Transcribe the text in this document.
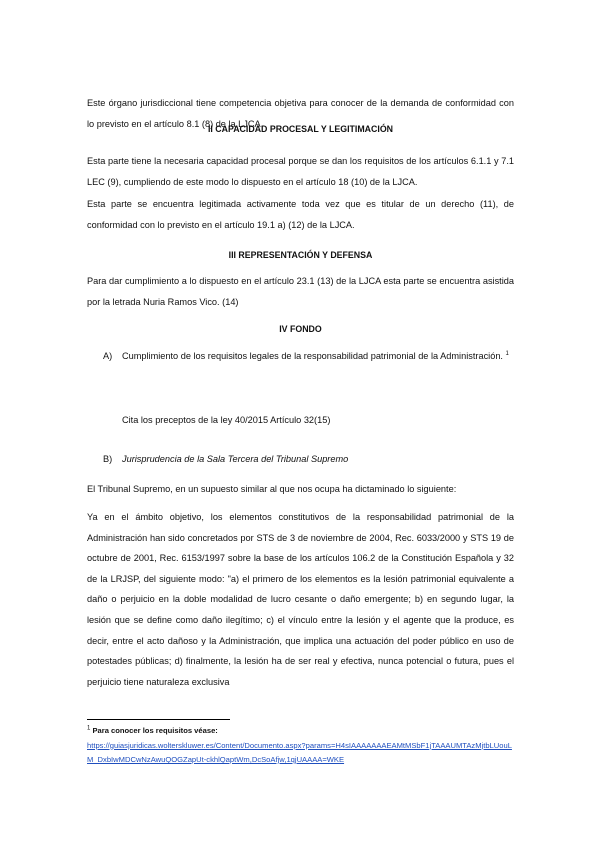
Este órgano jurisdiccional tiene competencia objetiva para conocer de la demanda de conformidad con lo previsto en el artículo 8.1 (8) de la LJCA.

II CAPACIDAD PROCESAL Y LEGITIMACIÓN

Esta parte tiene la necesaria capacidad procesal porque se dan los requisitos de los artículos 6.1.1 y 7.1 LEC (9), cumpliendo de este modo lo dispuesto en el artículo 18 (10) de la LJCA.

Esta parte se encuentra legitimada activamente toda vez que es titular de un derecho (11), de conformidad con lo previsto en el artículo 19.1 a) (12) de la LJCA.

III REPRESENTACIÓN Y DEFENSA

Para dar cumplimiento a lo dispuesto en el artículo 23.1 (13) de la LJCA esta parte se encuentra asistida por la letrada Nuria Ramos Vico. (14)

IV FONDO

A)	Cumplimiento de los requisitos legales de la responsabilidad patrimonial de la Administración. $^1$

Cita los preceptos de la ley 40/2015 Artículo 32(15)

B)	Jurisprudencia de la Sala Tercera del Tribunal Supremo

El Tribunal Supremo, en un supuesto similar al que nos ocupa ha dictaminado lo siguiente:

Ya en el ámbito objetivo, los elementos constitutivos de la responsabilidad patrimonial de la Administración han sido concretados por STS de 3 de noviembre de 2004, Rec. 6033/2000 y STS 19 de octubre de 2001, Rec. 6153/1997 sobre la base de los artículos 106.2 de la Constitución Española y 32 de la LRJSP, del siguiente modo: "a) el primero de los elementos es la lesión patrimonial equivalente a daño o perjuicio en la doble modalidad de lucro cesante o daño emergente; b) en segundo lugar, la lesión que se define como daño ilegítimo; c) el vínculo entre la lesión y el agente que la produce, es decir, entre el acto dañoso y la Administración, que implica una actuación del poder público en uso de potestades públicas; d) finalmente, la lesión ha de ser real y efectiva, nunca potencial o futura, pues el perjuicio tiene naturaleza exclusiva

$^1$ Para conocer los requisitos véase:
https://guiasjuridicas.wolterskluwer.es/Content/Documento.aspx?params=H4sIAAAAAAAEAMtMSbF1jTAAAUMTAzMjtbLUouLM_DxbIwMDCwNzAwuQOGZapUt-ckhlQaptWm,DcSoAfjw,1qjUAAAA=WKE
